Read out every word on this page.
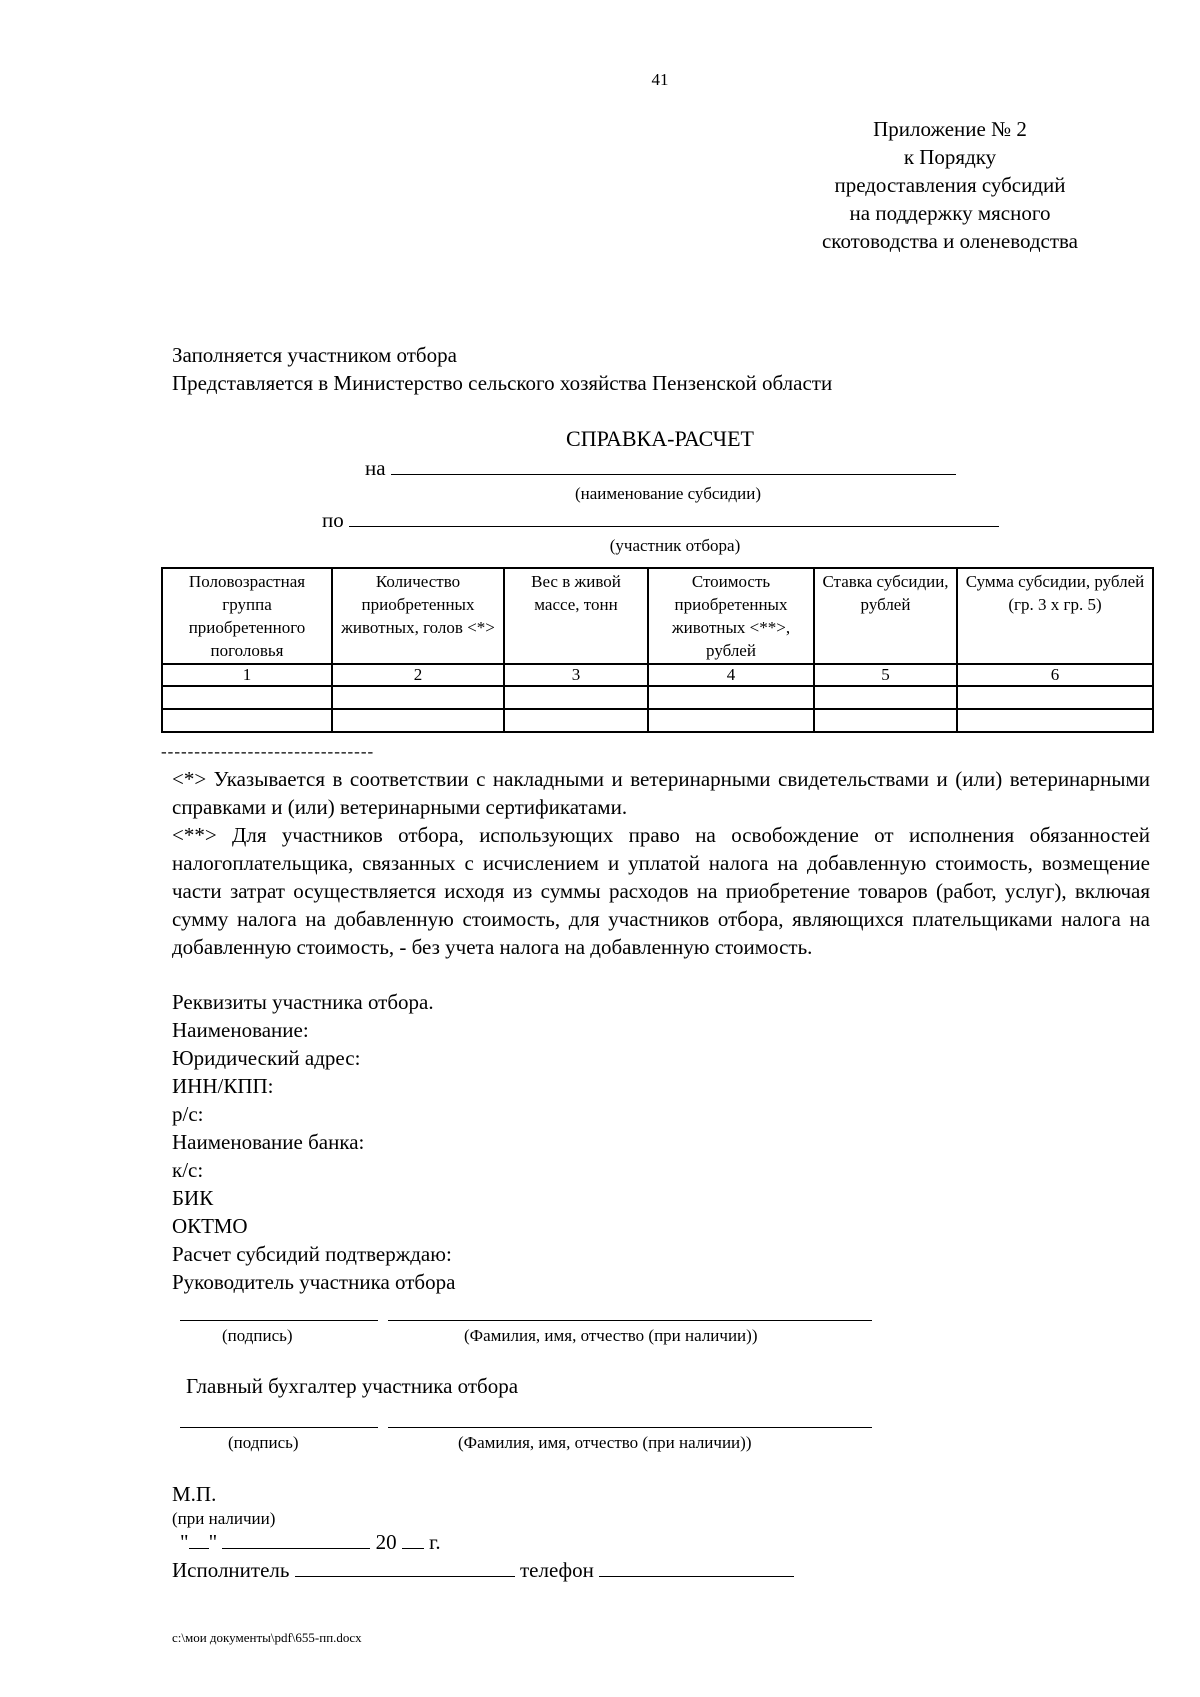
41
Приложение № 2
к Порядку
предоставления субсидий
на поддержку мясного
скотоводства и оленеводства
Заполняется участником отбора
Представляется в Министерство сельского хозяйства Пензенской области
СПРАВКА-РАСЧЕТ
на
(наименование субсидии)
по
(участник отбора)
Половозрастная группа приобретенного поголовья	Количество приобретенных животных, голов <*>	Вес в живой массе, тонн	Стоимость приобретенных животных <**>, рублей	Ставка субсидии, рублей	Сумма субсидии, рублей (гр. 3 х гр. 5)
1	2	3	4	5	6

--------------------------------

<*> Указывается в соответствии с накладными и ветеринарными свидетельствами и (или) ветеринарными справками и (или) ветеринарными сертификатами.

<**> Для участников отбора, использующих право на освобождение от исполнения обязанностей налогоплательщика, связанных с исчислением и уплатой налога на добавленную стоимость, возмещение части затрат осуществляется исходя из суммы расходов на приобретение товаров (работ, услуг), включая сумму налога на добавленную стоимость, для участников отбора, являющихся плательщиками налога на добавленную стоимость, - без учета налога на добавленную стоимость.

Реквизиты участника отбора.
Наименование:
Юридический адрес:
ИНН/КПП:
р/с:
Наименование банка:
к/с:
БИК
ОКТМО
Расчет субсидий подтверждаю:
Руководитель участника отбора
(подпись)	(Фамилия, имя, отчество (при наличии))
Главный бухгалтер участника отбора
(подпись)	(Фамилия, имя, отчество (при наличии))
М.П.
(при наличии)
" "	20 г.
Исполнитель	телефон
c:\мои документы\pdf\655-пп.docx
